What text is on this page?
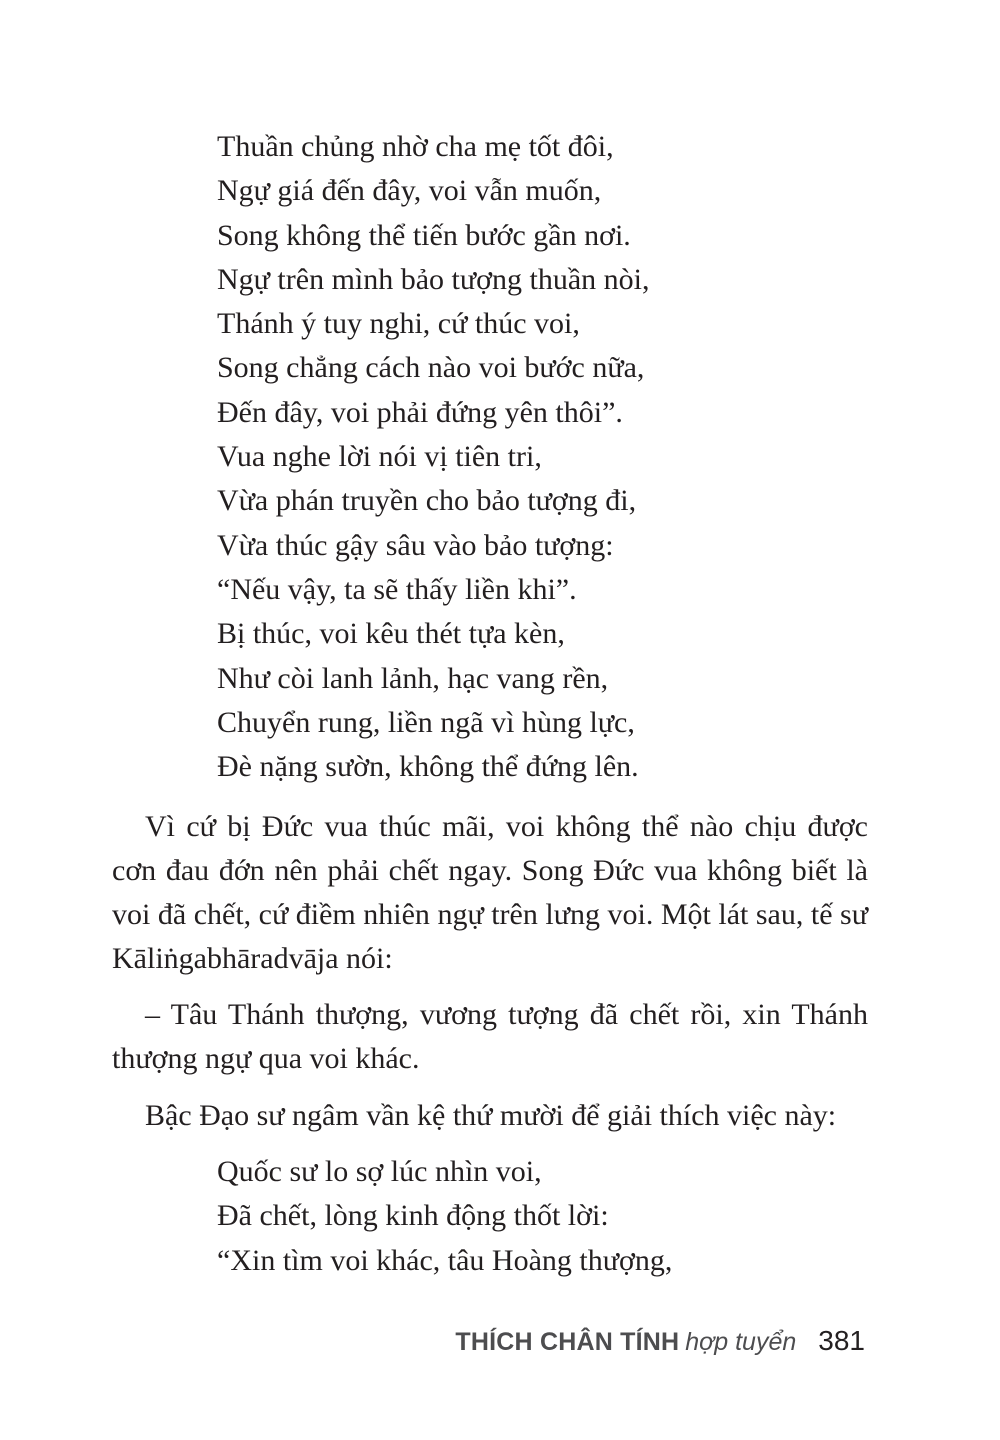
Thuần chủng nhờ cha mẹ tốt đôi,
Ngự giá đến đây, voi vẫn muốn,
Song không thể tiến bước gần nơi.
Ngự trên mình bảo tượng thuần nòi,
Thánh ý tuy nghi, cứ thúc voi,
Song chẳng cách nào voi bước nữa,
Đến đây, voi phải đứng yên thôi”.
Vua nghe lời nói vị tiên tri,
Vừa phán truyền cho bảo tượng đi,
Vừa thúc gậy sâu vào bảo tượng:
“Nếu vậy, ta sẽ thấy liền khi”.
Bị thúc, voi kêu thét tựa kèn,
Như còi lanh lảnh, hạc vang rền,
Chuyển rung, liền ngã vì hùng lực,
Đè nặng sườn, không thể đứng lên.

Vì cứ bị Đức vua thúc mãi, voi không thể nào chịu được cơn đau đớn nên phải chết ngay. Song Đức vua không biết là voi đã chết, cứ điềm nhiên ngự trên lưng voi. Một lát sau, tế sư Kāliṅgabhāradvāja nói:

– Tâu Thánh thượng, vương tượng đã chết rồi, xin Thánh thượng ngự qua voi khác.

Bậc Đạo sư ngâm vần kệ thứ mười để giải thích việc này:

Quốc sư lo sợ lúc nhìn voi,
Đã chết, lòng kinh động thốt lời:
“Xin tìm voi khác, tâu Hoàng thượng,
THÍCH CHÂN TÍNH hợp tuyển 381
